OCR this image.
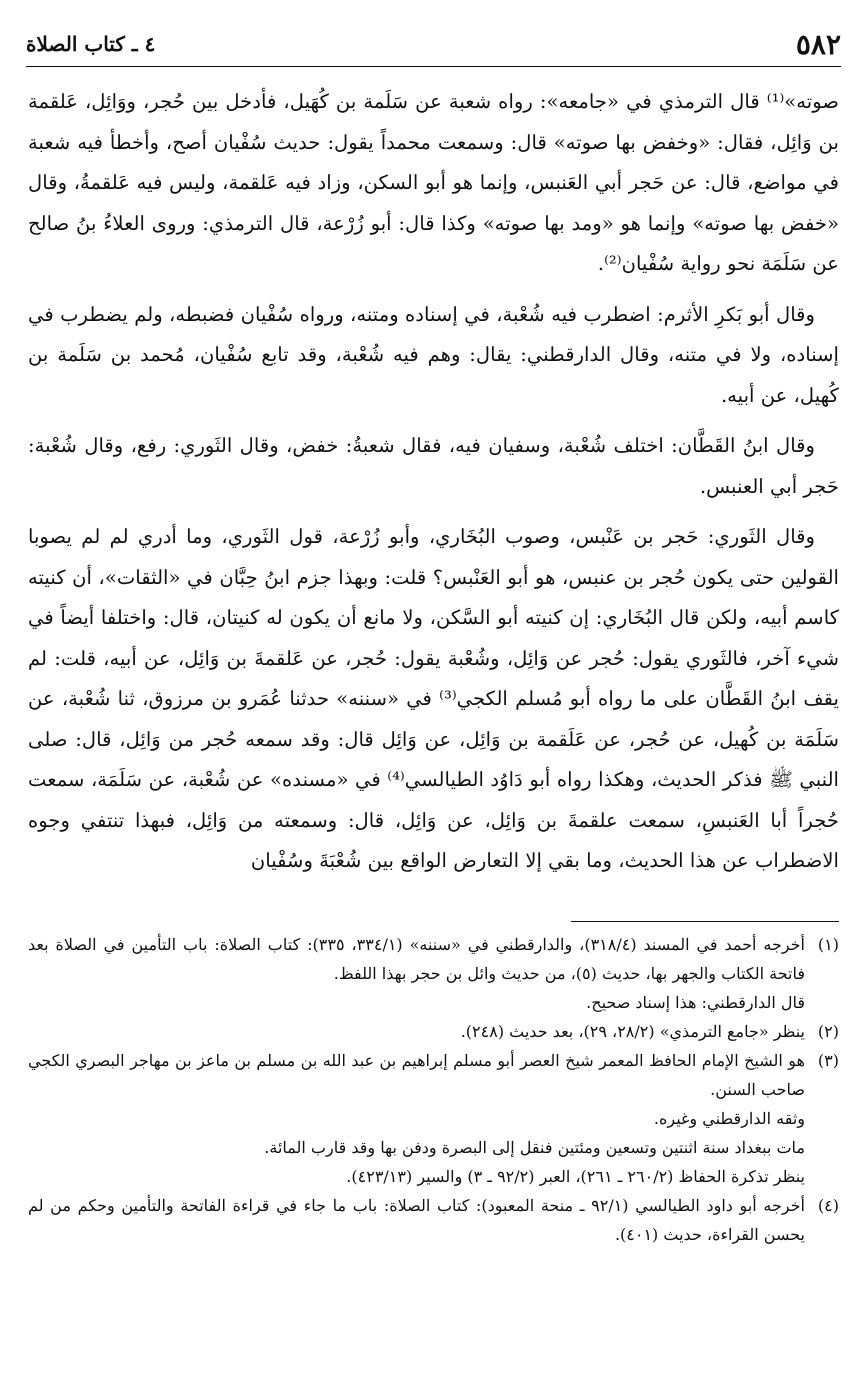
٥٨٢
٤ ـ كتاب الصلاة

صوته»⁽¹⁾ قال الترمذي في «جامعه»: رواه شعبة عن سَلَمة بن كُهَيل، فأدخل بين حُجر، ووَائِل، عَلقمة بن وَائِل، فقال: «وخفض بها صوته» قال: وسمعت محمداً يقول: حديث سُفْيان أصح، وأخطأ فيه شعبة في مواضع، قال: عن حَجر أبي العَنبس، وإنما هو أبو السكن، وزاد فيه عَلقمة، وليس فيه عَلقمةُ، وقال «خفض بها صوته» وإنما هو «ومد بها صوته» وكذا قال: أبو زُرْعة، قال الترمذي: وروى العلاءُ بنُ صالح عن سَلَمَة نحو رواية سُفْيان⁽²⁾.

وقال أبو بَكرِ الأثرم: اضطرب فيه شُعْبة، في إسناده ومتنه، ورواه سُفْيان فضبطه، ولم يضطرب في إسناده، ولا في متنه، وقال الدارقطني: يقال: وهم فيه شُعْبة، وقد تابع سُفْيان، مُحمد بن سَلَمة بن كُهيل، عن أبيه.

وقال ابنُ القَطَّان: اختلف شُعْبة، وسفيان فيه، فقال شعبةُ: خفض، وقال الثَوري: رفع، وقال شُعْبة: حَجر أبي العنبس.

وقال الثَوري: حَجر بن عَنْبس، وصوب البُخَاري، وأبو زُرْعة، قول الثَوري، وما أدري لم لم يصوبا القولين حتى يكون حُجر بن عنبس، هو أبو العَنْبس؟ قلت: وبهذا جزم ابنُ حِبَّان في «الثقات»، أن كنيته كاسم أبيه، ولكن قال البُخَاري: إن كنيته أبو السَّكن، ولا مانع أن يكون له كنيتان، قال: واختلفا أيضاً في شيء آخر، فالثَوري يقول: حُجر عن وَائِل، وشُعْبة يقول: حُجر، عن عَلقمةَ بن وَائِل، عن أبيه، قلت: لم يقف ابنُ القَطَّان على ما رواه أبو مُسلم الكجي⁽³⁾ في «سننه» حدثنا عُمَرو بن مرزوق، ثنا شُعْبة، عن سَلَمَة بن كُهيل، عن حُجر، عن عَلَقمة بن وَائِل، عن وَائِل قال: وقد سمعه حُجر من وَائِل، قال: صلى النبي ﷺ فذكر الحديث، وهكذا رواه أبو دَاوُد الطيالسي⁽⁴⁾ في «مسنده» عن شُعْبة، عن سَلَمَة، سمعت حُجراً أبا العَنبسِ، سمعت علقمةَ بن وَائِل، عن وَائِل، قال: وسمعته من وَائِل، فبهذا تنتفي وجوه الاضطراب عن هذا الحديث، وما بقي إلا التعارض الواقع بين شُعْبَةَ وسُفْيان

(١)
أخرجه أحمد في المسند (٣١٨/٤)، والدارقطني في «سننه» (٣٣٤/١، ٣٣٥): كتاب الصلاة: باب التأمين في الصلاة بعد فاتحة الكتاب والجهر بها، حديث (٥)، من حديث وائل بن حجر بهذا اللفظ.
قال الدارقطني: هذا إسناد صحيح.
(٢)
ينظر «جامع الترمذي» (٢٨/٢، ٢٩)، بعد حديث (٢٤٨).
(٣)
هو الشيخ الإمام الحافظ المعمر شيخ العصر أبو مسلم إبراهيم بن عبد الله بن مسلم بن ماعز بن مهاجر البصري الكجي صاحب السنن.
وثقه الدارقطني وغيره.
مات ببغداد سنة اثنتين وتسعين ومئتين فنقل إلى البصرة ودفن بها وقد قارب المائة.
ينظر تذكرة الحفاظ (٢٦٠/٢ ـ ٢٦١)، العبر (٩٢/٢ ـ ٣) والسير (٤٢٣/١٣).
(٤)
أخرجه أبو داود الطيالسي (٩٢/١ ـ منحة المعبود): كتاب الصلاة: باب ما جاء في قراءة الفاتحة والتأمين وحكم من لم يحسن القراءة، حديث (٤٠١).
